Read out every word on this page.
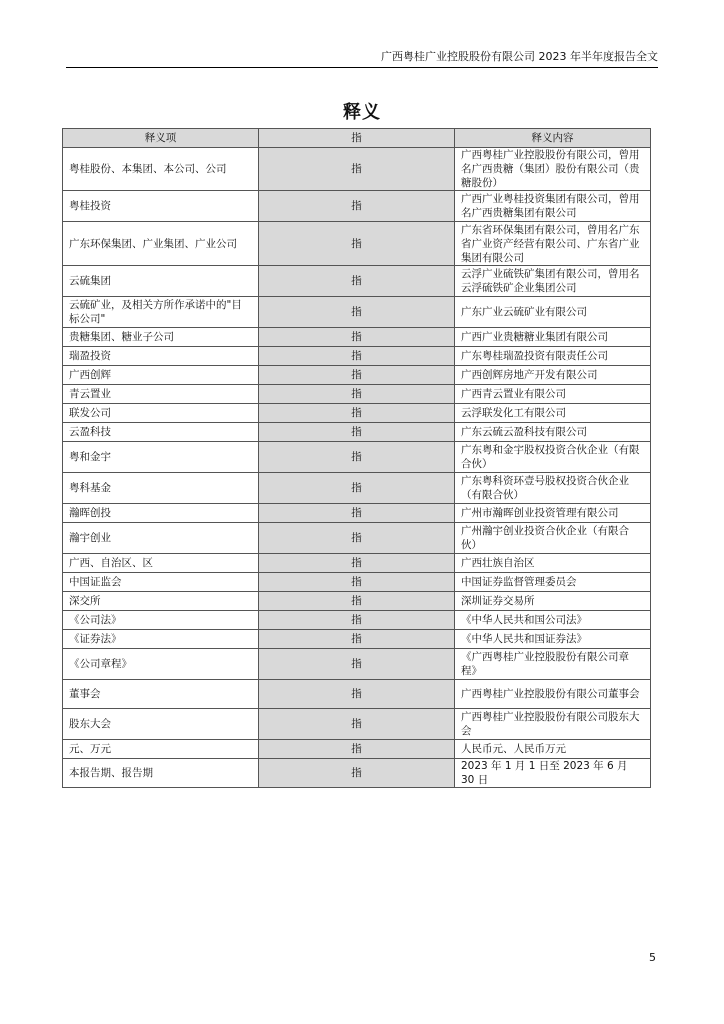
广西粤桂广业控股股份有限公司 2023 年半年度报告全文
释义
释义项	指	释义内容
粤桂股份、本集团、本公司、公司	指	广西粤桂广业控股股份有限公司，曾用名广西贵糖（集团）股份有限公司（贵糖股份）
粤桂投资	指	广西广业粤桂投资集团有限公司，曾用名广西贵糖集团有限公司
广东环保集团、广业集团、广业公司	指	广东省环保集团有限公司，曾用名广东省广业资产经营有限公司、广东省广业集团有限公司
云硫集团	指	云浮广业硫铁矿集团有限公司，曾用名云浮硫铁矿企业集团公司
云硫矿业，及相关方所作承诺中的"目标公司"	指	广东广业云硫矿业有限公司
贵糖集团、糖业子公司	指	广西广业贵糖糖业集团有限公司
瑞盈投资	指	广东粤桂瑞盈投资有限责任公司
广西创辉	指	广西创辉房地产开发有限公司
青云置业	指	广西青云置业有限公司
联发公司	指	云浮联发化工有限公司
云盈科技	指	广东云硫云盈科技有限公司
粤和金宇	指	广东粤和金宇股权投资合伙企业（有限合伙）
粤科基金	指	广东粤科资环壹号股权投资合伙企业（有限合伙）
瀚晖创投	指	广州市瀚晖创业投资管理有限公司
瀚宇创业	指	广州瀚宇创业投资合伙企业（有限合伙）
广西、自治区、区	指	广西壮族自治区
中国证监会	指	中国证券监督管理委员会
深交所	指	深圳证券交易所
《公司法》	指	《中华人民共和国公司法》
《证券法》	指	《中华人民共和国证券法》
《公司章程》	指	《广西粤桂广业控股股份有限公司章程》
董事会	指	广西粤桂广业控股股份有限公司董事会
股东大会	指	广西粤桂广业控股股份有限公司股东大会
元、万元	指	人民币元、人民币万元
本报告期、报告期	指	2023 年 1 月 1 日至 2023 年 6 月 30 日
5
